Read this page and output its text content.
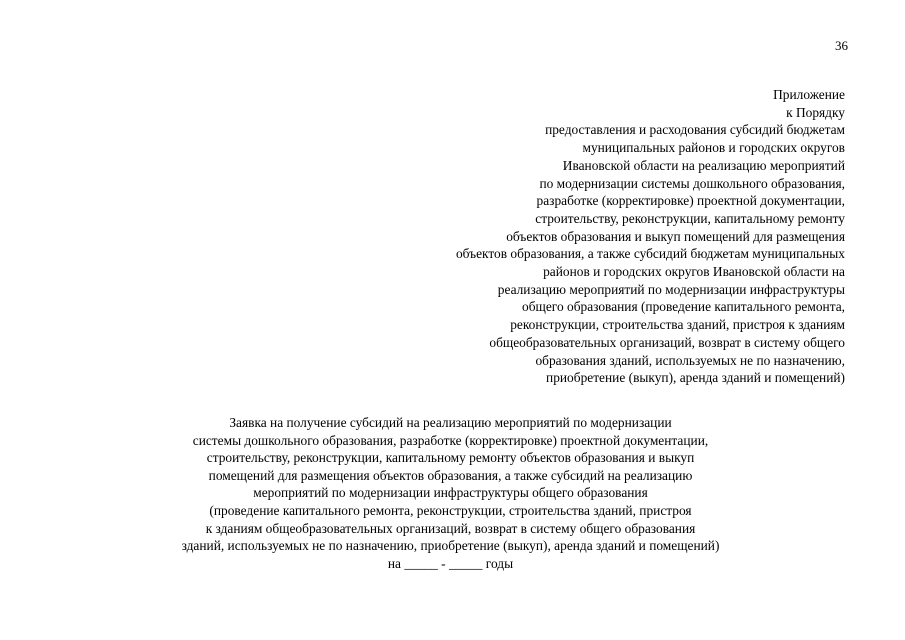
36
Приложение
к Порядку
предоставления и расходования субсидий бюджетам
муниципальных районов и городских округов
Ивановской области на реализацию мероприятий
по модернизации системы дошкольного образования,
разработке (корректировке) проектной документации,
строительству, реконструкции, капитальному ремонту
объектов образования и выкуп помещений для размещения
объектов образования, а также субсидий бюджетам муниципальных
районов и городских округов Ивановской области на
реализацию мероприятий по модернизации инфраструктуры
общего образования (проведение капитального ремонта,
реконструкции, строительства зданий, пристроя к зданиям
общеобразовательных организаций, возврат в систему общего
образования зданий, используемых не по назначению,
приобретение (выкуп), аренда зданий и помещений)
Заявка на получение субсидий на реализацию мероприятий по модернизации
системы дошкольного образования, разработке (корректировке) проектной документации,
строительству, реконструкции, капитальному ремонту объектов образования и выкуп
помещений для размещения объектов образования, а также субсидий на реализацию
мероприятий по модернизации инфраструктуры общего образования
(проведение капитального ремонта, реконструкции, строительства зданий, пристроя
к зданиям общеобразовательных организаций, возврат в систему общего образования
зданий, используемых не по назначению, приобретение (выкуп), аренда зданий и помещений)
на _____ - _____ годы
